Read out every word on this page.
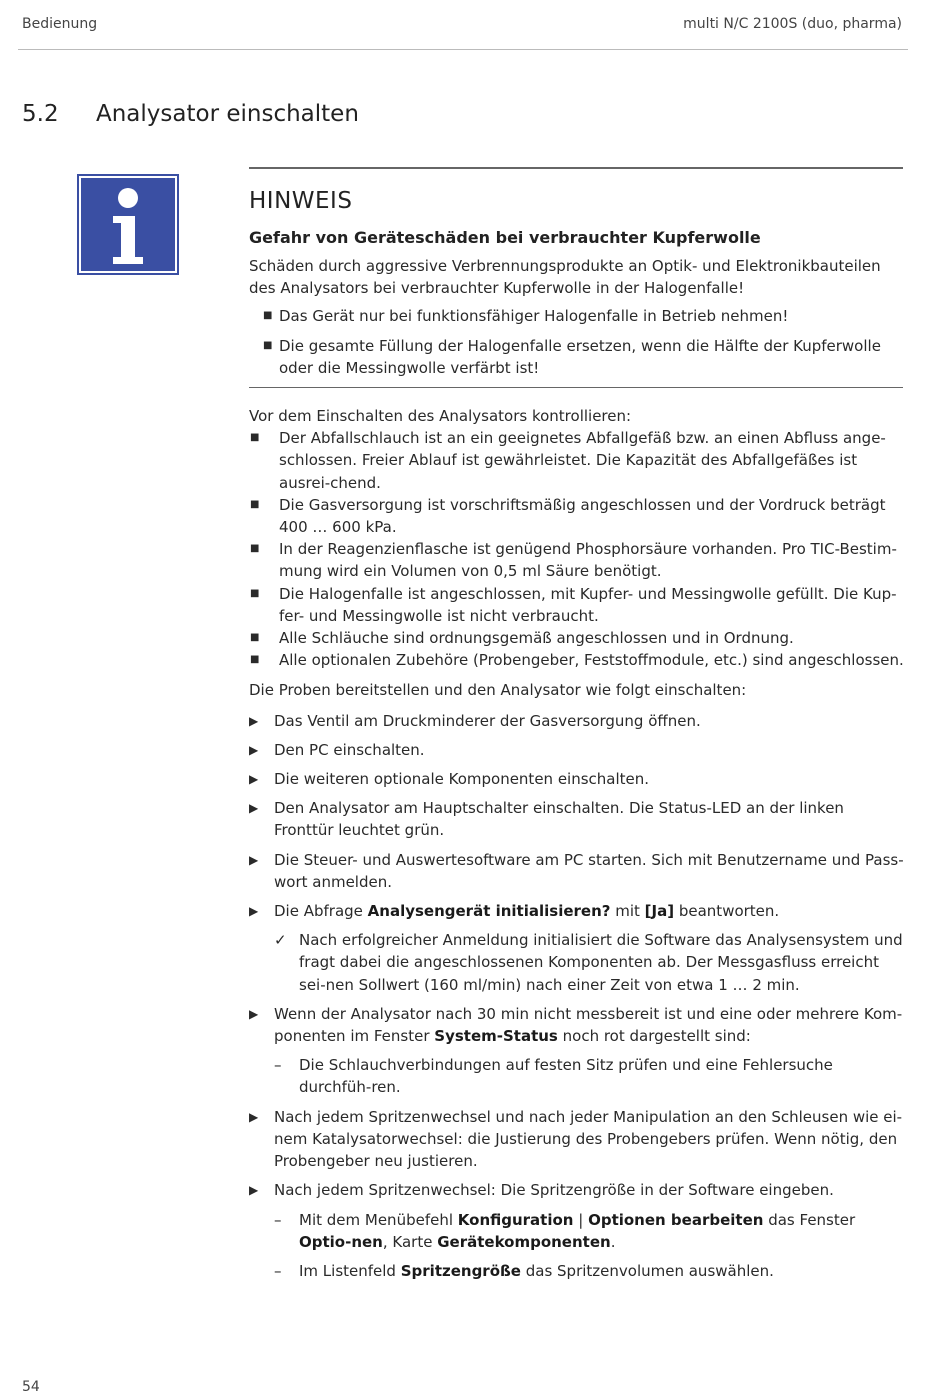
Bedienung	multi N/C 2100S (duo, pharma)
5.2 Analysator einschalten
HINWEIS
Gefahr von Geräteschäden bei verbrauchter Kupferwolle
Schäden durch aggressive Verbrennungsprodukte an Optik- und Elektronikbauteilen des Analysators bei verbrauchter Kupferwolle in der Halogenfalle!
■ Das Gerät nur bei funktionsfähiger Halogenfalle in Betrieb nehmen!
■ Die gesamte Füllung der Halogenfalle ersetzen, wenn die Hälfte der Kupferwolle oder die Messingwolle verfärbt ist!

Vor dem Einschalten des Analysators kontrollieren:

■ Der Abfallschlauch ist an ein geeignetes Abfallgefäß bzw. an einen Abfluss ange-schlossen. Freier Ablauf ist gewährleistet. Die Kapazität des Abfallgefäßes ist ausrei-chend.
■ Die Gasversorgung ist vorschriftsmäßig angeschlossen und der Vordruck beträgt 400 … 600 kPa.
■ In der Reagenzienflasche ist genügend Phosphorsäure vorhanden. Pro TIC-Bestim-mung wird ein Volumen von 0,5 ml Säure benötigt.
■ Die Halogenfalle ist angeschlossen, mit Kupfer- und Messingwolle gefüllt. Die Kup-fer- und Messingwolle ist nicht verbraucht.
■ Alle Schläuche sind ordnungsgemäß angeschlossen und in Ordnung.
■ Alle optionalen Zubehöre (Probengeber, Feststoffmodule, etc.) sind angeschlossen.

Die Proben bereitstellen und den Analysator wie folgt einschalten:

▶ Das Ventil am Druckminderer der Gasversorgung öffnen.
▶ Den PC einschalten.
▶ Die weiteren optionale Komponenten einschalten.
▶ Den Analysator am Hauptschalter einschalten. Die Status-LED an der linken Fronttür leuchtet grün.
▶ Die Steuer- und Auswertesoftware am PC starten. Sich mit Benutzername und Pass-wort anmelden.
▶ Die Abfrage Analysengerät initialisieren? mit [Ja] beantworten.
✓ Nach erfolgreicher Anmeldung initialisiert die Software das Analysensystem und fragt dabei die angeschlossenen Komponenten ab. Der Messgasfluss erreicht sei-nen Sollwert (160 ml/min) nach einer Zeit von etwa 1 … 2 min.
▶ Wenn der Analysator nach 30 min nicht messbereit ist und eine oder mehrere Kom-ponenten im Fenster System-Status noch rot dargestellt sind:
– Die Schlauchverbindungen auf festen Sitz prüfen und eine Fehlersuche durchfüh-ren.
▶ Nach jedem Spritzenwechsel und nach jeder Manipulation an den Schleusen wie ei-nem Katalysatorwechsel: die Justierung des Probengebers prüfen. Wenn nötig, den Probengeber neu justieren.
▶ Nach jedem Spritzenwechsel: Die Spritzengröße in der Software eingeben.
– Mit dem Menübefehl Konfiguration | Optionen bearbeiten das Fenster Optio-nen, Karte Gerätekomponenten.
– Im Listenfeld Spritzengröße das Spritzenvolumen auswählen.
54
